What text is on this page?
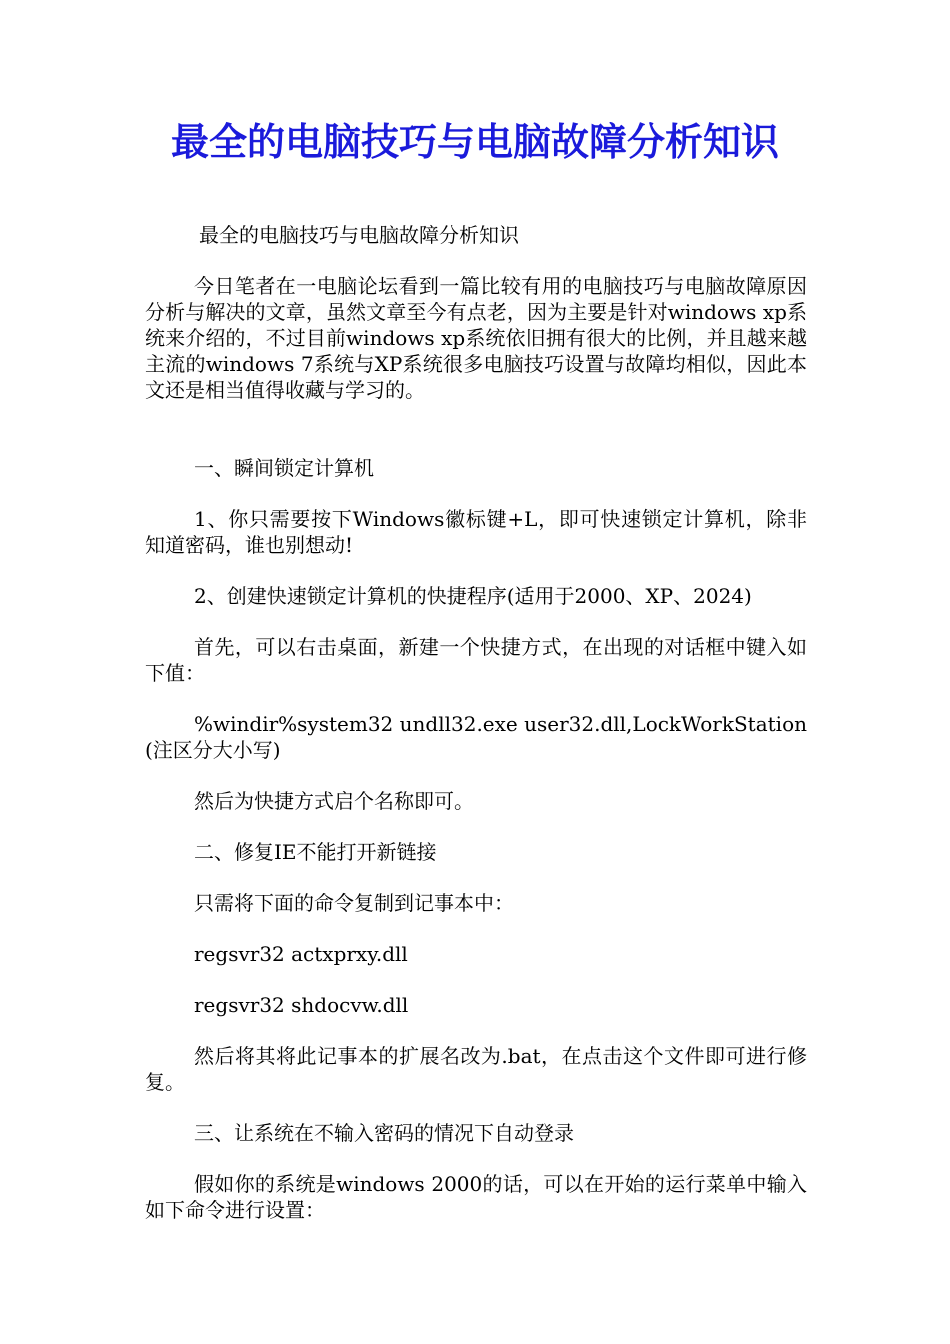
最全的电脑技巧与电脑故障分析知识

最全的电脑技巧与电脑故障分析知识

今日笔者在一电脑论坛看到一篇比较有用的电脑技巧与电脑故障原因分析与解决的文章，虽然文章至今有点老，因为主要是针对windows xp系统来介绍的，不过目前windows xp系统依旧拥有很大的比例，并且越来越主流的windows 7系统与XP系统很多电脑技巧设置与故障均相似，因此本文还是相当值得收藏与学习的。

一、瞬间锁定计算机

1、你只需要按下Windows徽标键+L，即可快速锁定计算机，除非知道密码，谁也别想动!

2、创建快速锁定计算机的快捷程序(适用于2000、XP、2024)

首先，可以右击桌面，新建一个快捷方式，在出现的对话框中键入如下值：

%windir%system32 undll32.exe user32.dll,LockWorkStation(注区分大小写)

然后为快捷方式启个名称即可。

二、修复IE不能打开新链接

只需将下面的命令复制到记事本中：

regsvr32 actxprxy.dll

regsvr32 shdocvw.dll

然后将其将此记事本的扩展名改为.bat，在点击这个文件即可进行修复。

三、让系统在不输入密码的情况下自动登录

假如你的系统是windows 2000的话，可以在开始的运行菜单中输入如下命令进行设置：
